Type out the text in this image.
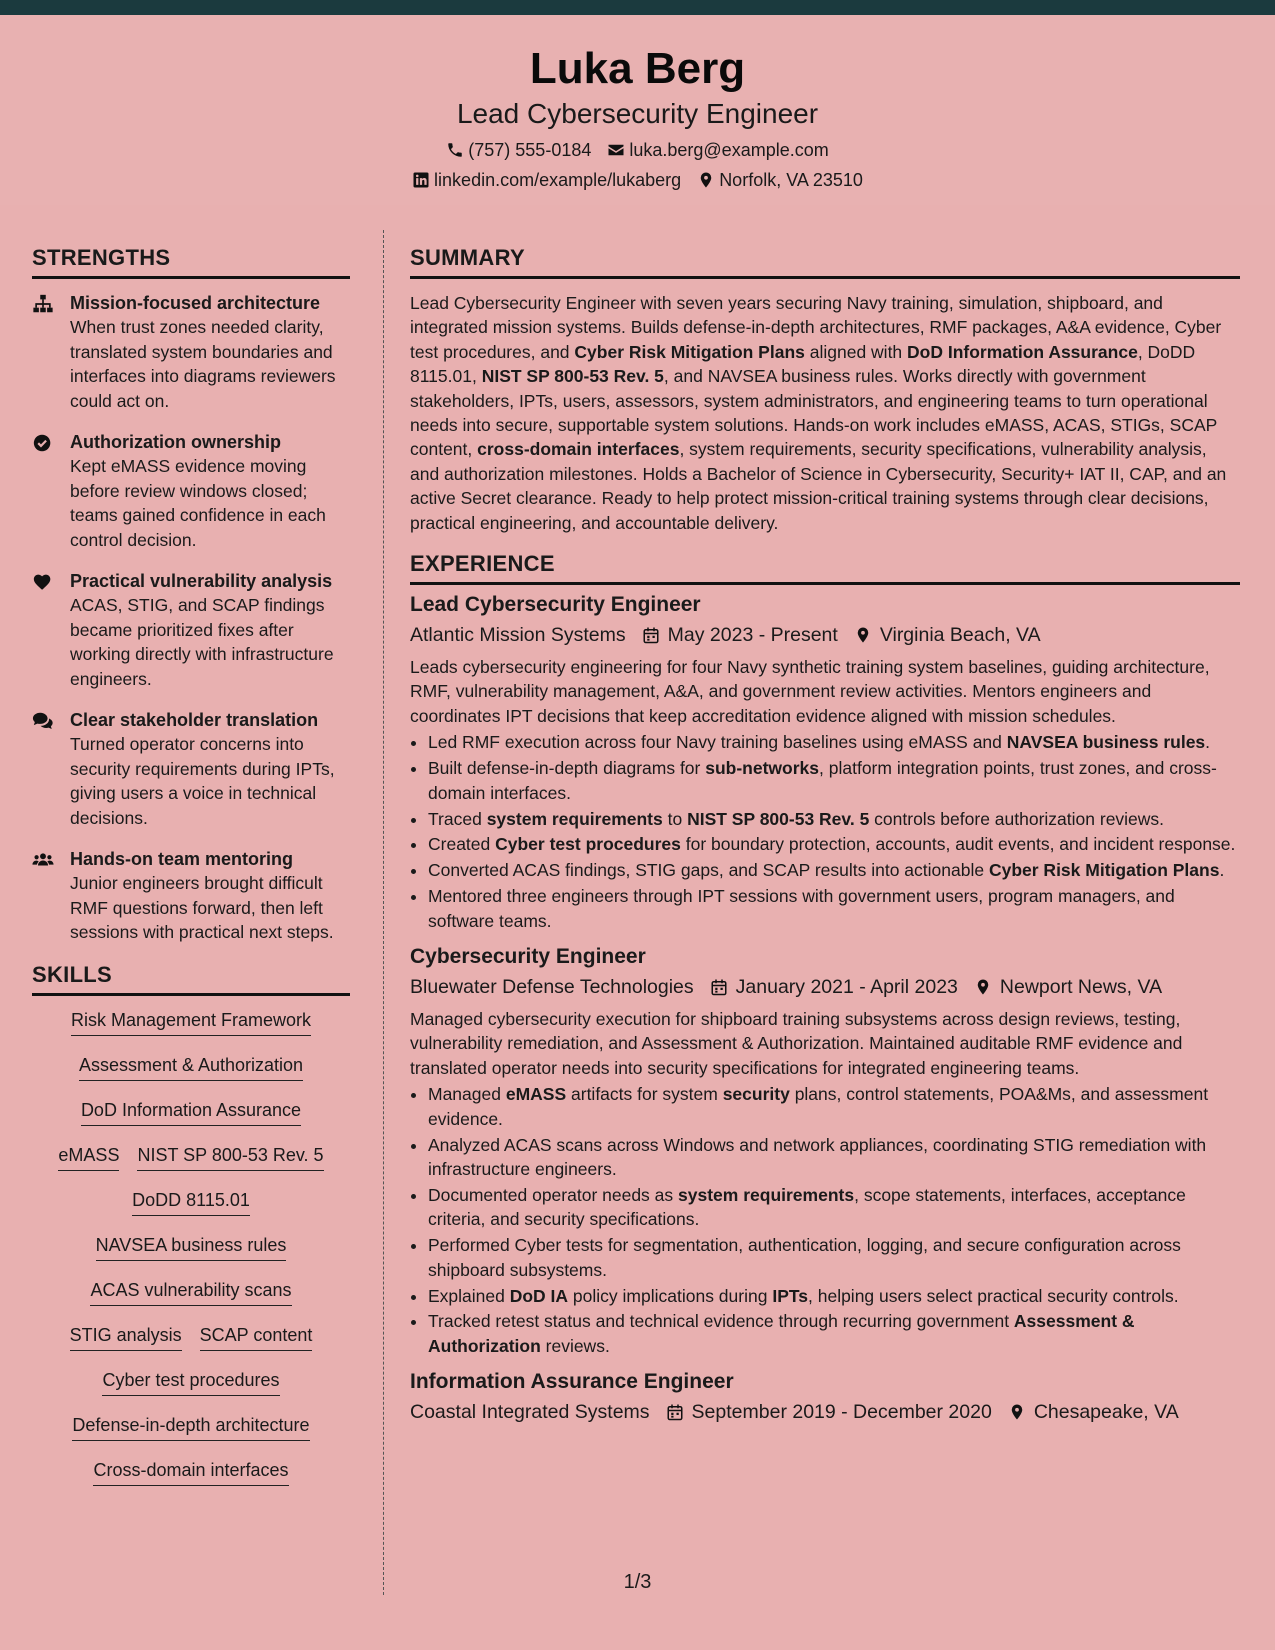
Luka Berg
Lead Cybersecurity Engineer
(757) 555-0184 luka.berg@example.com
linkedin.com/example/lukaberg Norfolk, VA 23510
STRENGTHS
Mission-focused architecture
When trust zones needed clarity, translated system boundaries and interfaces into diagrams reviewers could act on.
Authorization ownership
Kept eMASS evidence moving before review windows closed; teams gained confidence in each control decision.
Practical vulnerability analysis
ACAS, STIG, and SCAP findings became prioritized fixes after working directly with infrastructure engineers.
Clear stakeholder translation
Turned operator concerns into security requirements during IPTs, giving users a voice in technical decisions.
Hands-on team mentoring
Junior engineers brought difficult RMF questions forward, then left sessions with practical next steps.
SKILLS
Risk Management Framework
Assessment & Authorization
DoD Information Assurance
eMASS NIST SP 800-53 Rev. 5
DoDD 8115.01
NAVSEA business rules
ACAS vulnerability scans
STIG analysis SCAP content
Cyber test procedures
Defense-in-depth architecture
Cross-domain interfaces
SUMMARY

Lead Cybersecurity Engineer with seven years securing Navy training, simulation, shipboard, and integrated mission systems. Builds defense-in-depth architectures, RMF packages, A&A evidence, Cyber test procedures, and Cyber Risk Mitigation Plans aligned with DoD Information Assurance, DoDD 8115.01, NIST SP 800-53 Rev. 5, and NAVSEA business rules. Works directly with government stakeholders, IPTs, users, assessors, system administrators, and engineering teams to turn operational needs into secure, supportable system solutions. Hands-on work includes eMASS, ACAS, STIGs, SCAP content, cross-domain interfaces, system requirements, security specifications, vulnerability analysis, and authorization milestones. Holds a Bachelor of Science in Cybersecurity, Security+ IAT II, CAP, and an active Secret clearance. Ready to help protect mission-critical training systems through clear decisions, practical engineering, and accountable delivery.

EXPERIENCE
Lead Cybersecurity Engineer
Atlantic Mission Systems May 2023 - Present Virginia Beach, VA

Leads cybersecurity engineering for four Navy synthetic training system baselines, guiding architecture, RMF, vulnerability management, A&A, and government review activities. Mentors engineers and coordinates IPT decisions that keep accreditation evidence aligned with mission schedules.

• Led RMF execution across four Navy training baselines using eMASS and NAVSEA business rules.
• Built defense-in-depth diagrams for sub-networks, platform integration points, trust zones, and cross-domain interfaces.
• Traced system requirements to NIST SP 800-53 Rev. 5 controls before authorization reviews.
• Created Cyber test procedures for boundary protection, accounts, audit events, and incident response.
• Converted ACAS findings, STIG gaps, and SCAP results into actionable Cyber Risk Mitigation Plans.
• Mentored three engineers through IPT sessions with government users, program managers, and software teams.
Cybersecurity Engineer
Bluewater Defense Technologies January 2021 - April 2023 Newport News, VA

Managed cybersecurity execution for shipboard training subsystems across design reviews, testing, vulnerability remediation, and Assessment & Authorization. Maintained auditable RMF evidence and translated operator needs into security specifications for integrated engineering teams.

• Managed eMASS artifacts for system security plans, control statements, POA&Ms, and assessment evidence.
• Analyzed ACAS scans across Windows and network appliances, coordinating STIG remediation with infrastructure engineers.
• Documented operator needs as system requirements, scope statements, interfaces, acceptance criteria, and security specifications.
• Performed Cyber tests for segmentation, authentication, logging, and secure configuration across shipboard subsystems.
• Explained DoD IA policy implications during IPTs, helping users select practical security controls.
• Tracked retest status and technical evidence through recurring government Assessment & Authorization reviews.
Information Assurance Engineer
Coastal Integrated Systems September 2019 - December 2020 Chesapeake, VA
1/3
